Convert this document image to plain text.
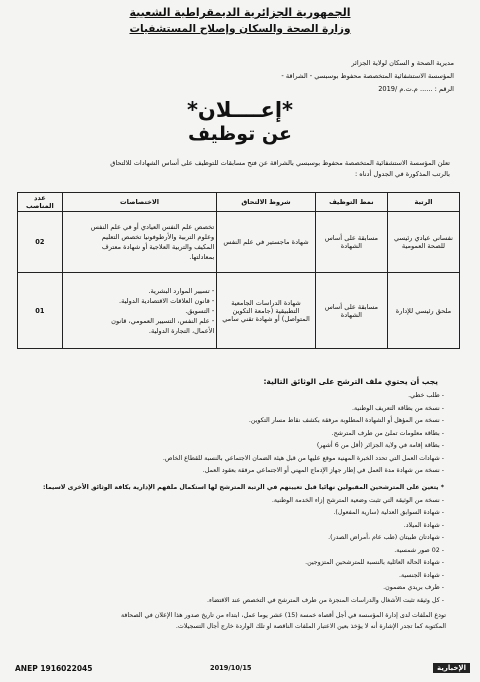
الجمهورية الجزائرية الديمقراطية الشعبية
وزارة الصحة والسكان وإصلاح المستشفيات
مديرية الصحة و السكان لولاية الجزائر
المؤسسة الاستشفائية المتخصصة محفوظ بوسبسي - الشراقة -
الرقم : ...... م.ت.م /2019
*إعــــلان*
عن توظيف
تعلن المؤسسة الاستشفائية المتخصصة محفوظ بوسبسي بالشراقة عن فتح مسابقات للتوظيف على أساس الشهادات للالتحاق
بالرتب المذكورة في الجدول أدناه :
الرتبة	نمط التوظيف	شروط الالتحاق	الاختصاصات	عدد المناصب
نفساني عيادي رئيسي للصحة العمومية	مسابقة على أساس الشهادة	شهادة ماجستير في علم النفس	تخصص علم النفس العيادي أو في علم النفس
وعلوم التربية والأرطوفونيا تخصص التعليم
المكيف والتربية العلاجية أو شهادة معترف
بمعادلتها.	02
ملحق رئيسي للإدارة	مسابقة على أساس الشهادة	شهادة الدراسات الجامعية التطبيقية (جامعة التكوين المتواصل) أو شهادة تقني سامي	- تسيير الموارد البشرية.
- قانون العلاقات الاقتصادية الدولية.
- التسويق.
- علم النفس، التسيير العمومي، قانون
الأعمال، التجارة الدولية.	01
يجب أن يحتوي ملف الترشح على الوثائق التالية:
- طلب خطي.
- نسخة من بطاقة التعريف الوطنية.
- نسخة من المؤهل أو الشهادة المطلوبة مرفقة بكشف نقاط مسار التكوين.
- بطاقة معلومات تملئ من طرف المترشح.
- بطاقة إقامة في ولاية الجزائر (أقل من 6 أشهر)
- شهادات العمل التي تحدد الخبرة المهنية موقع عليها من قبل هيئة الضمان الاجتماعي بالنسبة للقطاع الخاص.
- نسخة من شهادة مدة العمل في إطار جهاز الإدماج المهني أو الاجتماعي مرفقة بعقود العمل.
* يتعين على المترشحين المقبولين نهائيا قبل تعيينهم في الرتبة المترشح لها استكمال ملفهم الإدارية بكافة الوثائق الأخرى لاسيما:
- نسخة من الوثيقة التي تثبت وضعية المترشح إزاء الخدمة الوطنية.
- شهادة السوابق العدلية (سارية المفعول).
- شهادة الميلاد.
- شهادتان طبيتان (طب عام ،أمراض الصدر).
- 02 صور شمسية.
- شهادة الحالة العائلية بالنسبة للمترشحين المتزوجين.
- شهادة الجنسية.
- ظرف بريدي مضمون.
- كل وثيقة تثبت الأشغال والدراسات المنجزة من طرف المترشح في التخصص عند الاقتضاء.
تودع الملفات لدى إدارة المؤسسة في أجل أقصاه خمسة (15) عشر يوما عمل، ابتداء من تاريخ صدور هذا الإعلان في الصحافة
المكتوبة كما تجدر الإشارة أنه لا يؤخذ بعين الاعتبار الملفات الناقصة او تلك الواردة خارج أجال التسجيلات.
ANEP 1916022045	2019/10/15	الإخبارية
